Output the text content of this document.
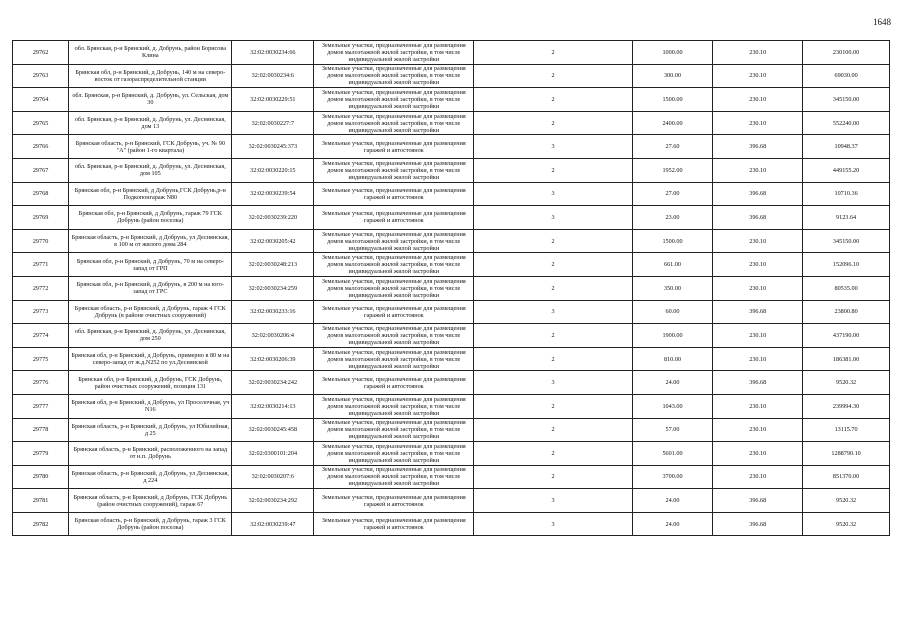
1648
29762	обл. Брянская, р-н Брянский, д. Добрунь, район Борисова Клина	32:02:0030234:66	Земельные участки, предназначенные для размещения домов малоэтажной жилой застройки, в том числе индивидуальной жилой застройки	2	1000.00	230.10	230100.00
29763	Брянская обл, р-н Брянский, д Добрунь, 140 м на северо-восток от газораспределительной станции	32:02:0030234:6	Земельные участки, предназначенные для размещения домов малоэтажной жилой застройки, в том числе индивидуальной жилой застройки	2	300.00	230.10	69030.00
29764	обл. Брянская, р-н Брянский, д. Добрунь, ул. Сельская, дом 30	32:02:0030229:51	Земельные участки, предназначенные для размещения домов малоэтажной жилой застройки, в том числе индивидуальной жилой застройки	2	1500.00	230.10	345150.00
29765	обл. Брянская, р-н Брянский, д. Добрунь, ул. Деснянская, дом 13	32:02:0030227:7	Земельные участки, предназначенные для размещения домов малоэтажной жилой застройки, в том числе индивидуальной жилой застройки	2	2400.00	230.10	552240.00
29766	Брянская область, р-н Брянский, ГСК Добрунь, уч. № 90 "А" (район 1-го квартала)	32:02:0030245:373	Земельные участки, предназначенные для размещения гаражей и автостоянок	3	27.60	396.68	10948.37
29767	обл. Брянская, р-н Брянский, д. Добрунь, ул. Деснянская, дом 105	32:02:0030220:15	Земельные участки, предназначенные для размещения домов малоэтажной жилой застройки, в том числе индивидуальной жилой застройки	2	1952.00	230.10	449155.20
29768	Брянская обл, р-н Брянский, д Добрунь,ГСК Добрунь,р-н Подкопонгараж N80	32:02:0030239:54	Земельные участки, предназначенные для размещения гаражей и автостоянок	3	27.00	396.68	10710.36
29769	Брянская обл, р-н Брянский, д Добрунь, гараж 79 ГСК Добрунь (район поселка)	32:02:0030239:220	Земельные участки, предназначенные для размещения гаражей и автостоянок	3	23.00	396.68	9123.64
29770	Брянская область, р-н Брянский, д Добрунь, ул Деснянская, в 100 м от жилого дома 284	32:02:0030205:42	Земельные участки, предназначенные для размещения домов малоэтажной жилой застройки, в том числе индивидуальной жилой застройки	2	1500.00	230.10	345150.00
29771	Брянская обл, р-н Брянский, д Добрунь, 70 м на северо-запад от ГРП	32:02:0030248:213	Земельные участки, предназначенные для размещения домов малоэтажной жилой застройки, в том числе индивидуальной жилой застройки	2	661.00	230.10	152096.10
29772	Брянская обл, р-н Брянский, д Добрунь, в 200 м на юго-запад от ГРС	32:02:0030234:259	Земельные участки, предназначенные для размещения домов малоэтажной жилой застройки, в том числе индивидуальной жилой застройки	2	350.00	230.10	80535.00
29773	Брянская область, р-н Брянский, д Добрунь, гараж 4 ГСК Добрунь (в районе очистных сооружений)	32:02:0030233:16	Земельные участки, предназначенные для размещения гаражей и автостоянок	3	60.00	396.68	23800.80
29774	обл. Брянская, р-н Брянский, д. Добрунь, ул. Деснянская, дом 250	32:02:0030206:4	Земельные участки, предназначенные для размещения домов малоэтажной жилой застройки, в том числе индивидуальной жилой застройки	2	1900.00	230.10	437190.00
29775	Брянская обл, р-н Брянский, д Добрунь, примерно в 80 м на северо-запад от ж.д.N252 по ул.Деснянской	32:02:0030206:39	Земельные участки, предназначенные для размещения домов малоэтажной жилой застройки, в том числе индивидуальной жилой застройки	2	810.00	230.10	186381.00
29776	Брянская обл, р-н Брянский, д Добрунь, ГСК Добрунь, район очистных сооружений, позиция 131	32:02:0030234:242	Земельные участки, предназначенные для размещения гаражей и автостоянок	3	24.00	396.68	9520.32
29777	Брянская обл, р-н Брянский, д Добрунь, ул Проселочная, уч N16	32:02:0030214:13	Земельные участки, предназначенные для размещения домов малоэтажной жилой застройки, в том числе индивидуальной жилой застройки	2	1043.00	230.10	239994.30
29778	Брянская область, р-н Брянский, д Добрунь, ул Юбилейная, д 25	32:02:0030245:458	Земельные участки, предназначенные для размещения домов малоэтажной жилой застройки, в том числе индивидуальной жилой застройки	2	57.00	230.10	13115.70
29779	Брянская область, р-н Брянский, расположенного на запад от н.п. Добрунь	32:02:0300101:204	Земельные участки, предназначенные для размещения домов малоэтажной жилой застройки, в том числе индивидуальной жилой застройки	2	5601.00	230.10	1288790.10
29780	Брянская область, р-н Брянский, д Добрунь, ул Деснянская, д 224	32:02:0030207:6	Земельные участки, предназначенные для размещения домов малоэтажной жилой застройки, в том числе индивидуальной жилой застройки	2	3700.00	230.10	851370.00
29781	Брянская область, р-н Брянский, д Добрунь, ГСК Добрунь (район очистных сооружений), гараж 67	32:02:0030234:292	Земельные участки, предназначенные для размещения гаражей и автостоянок	3	24.00	396.68	9520.32
29782	Брянская область, р-н Брянский, д Добрунь, гараж 3 ГСК Добрунь (район поселка)	32:02:0030239:47	Земельные участки, предназначенные для размещения гаражей и автостоянок	3	24.00	396.68	9520.32
